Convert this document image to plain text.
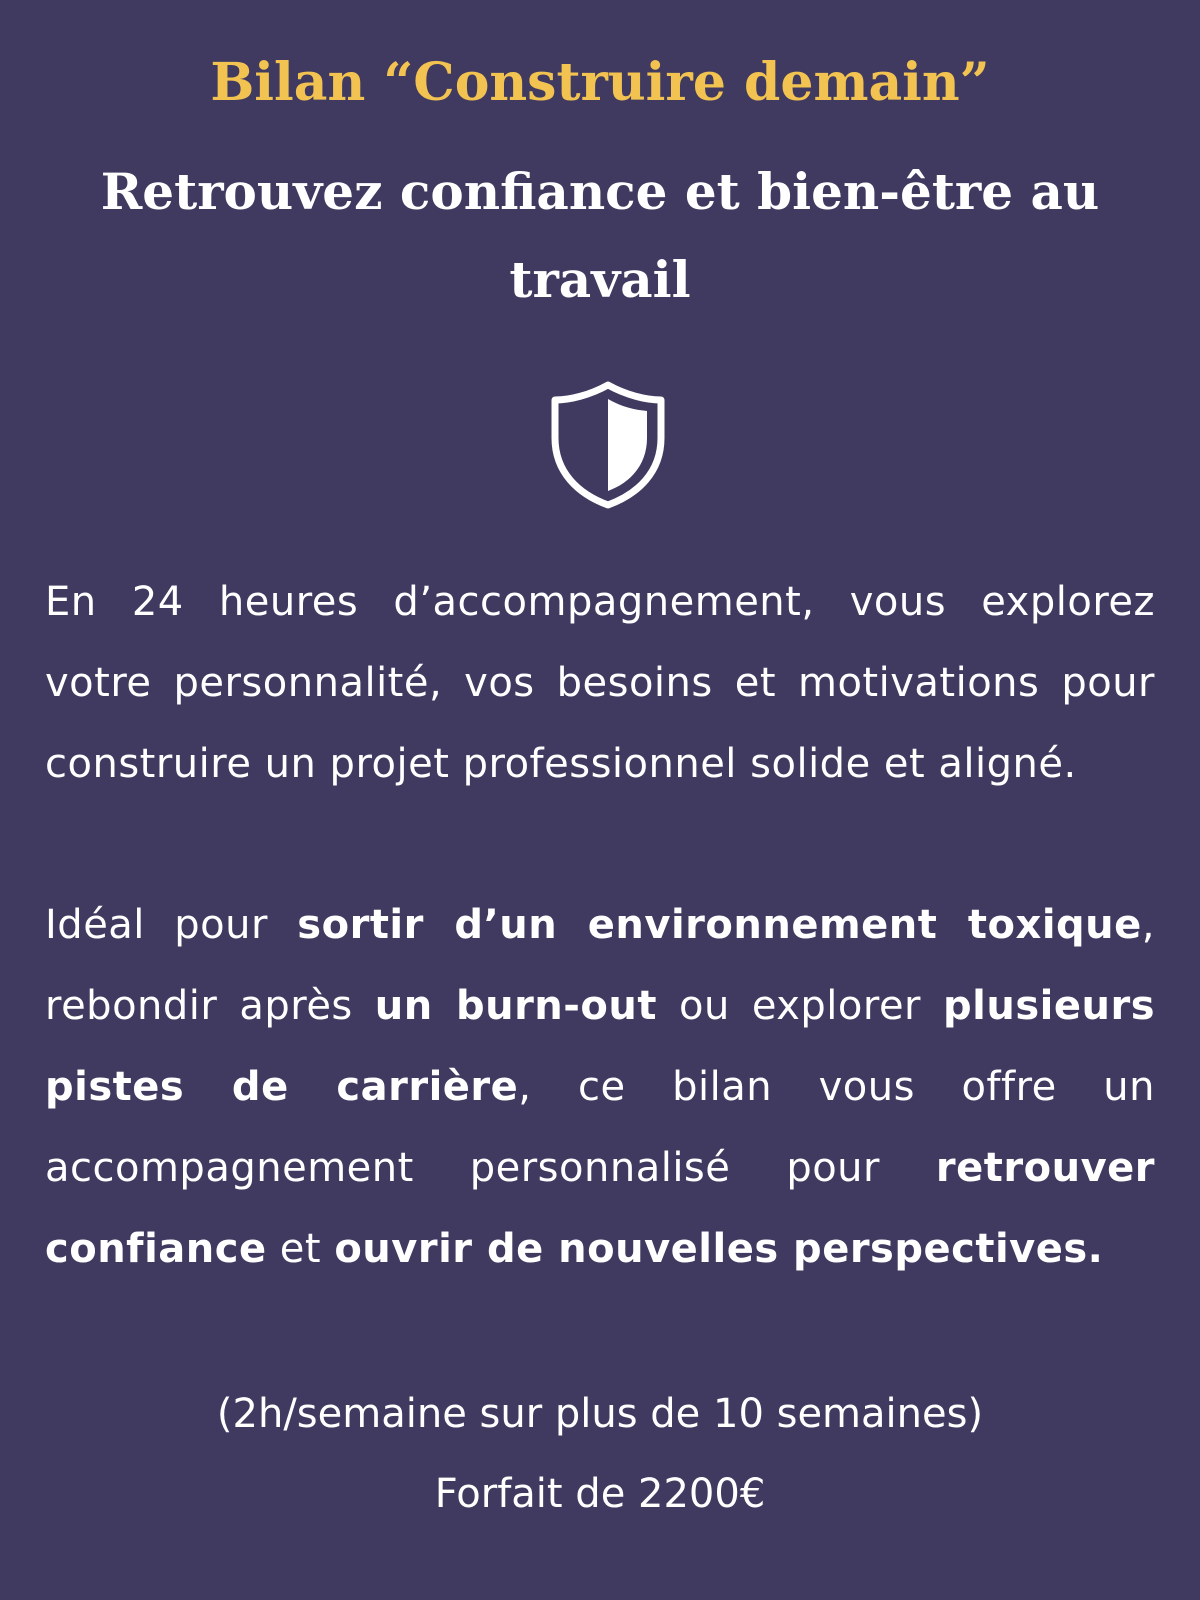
Bilan “Construire demain”
Retrouvez confiance et bien-être au travail

En 24 heures d’accompagnement, vous explorez votre personnalité, vos besoins et motivations pour construire un projet professionnel solide et aligné.

Idéal pour sortir d’un environnement toxique, rebondir après un burn-out ou explorer plusieurs pistes de carrière, ce bilan vous offre un accompagnement personnalisé pour retrouver confiance et ouvrir de nouvelles perspectives.

(2h/semaine sur plus de 10 semaines)
Forfait de 2200€
